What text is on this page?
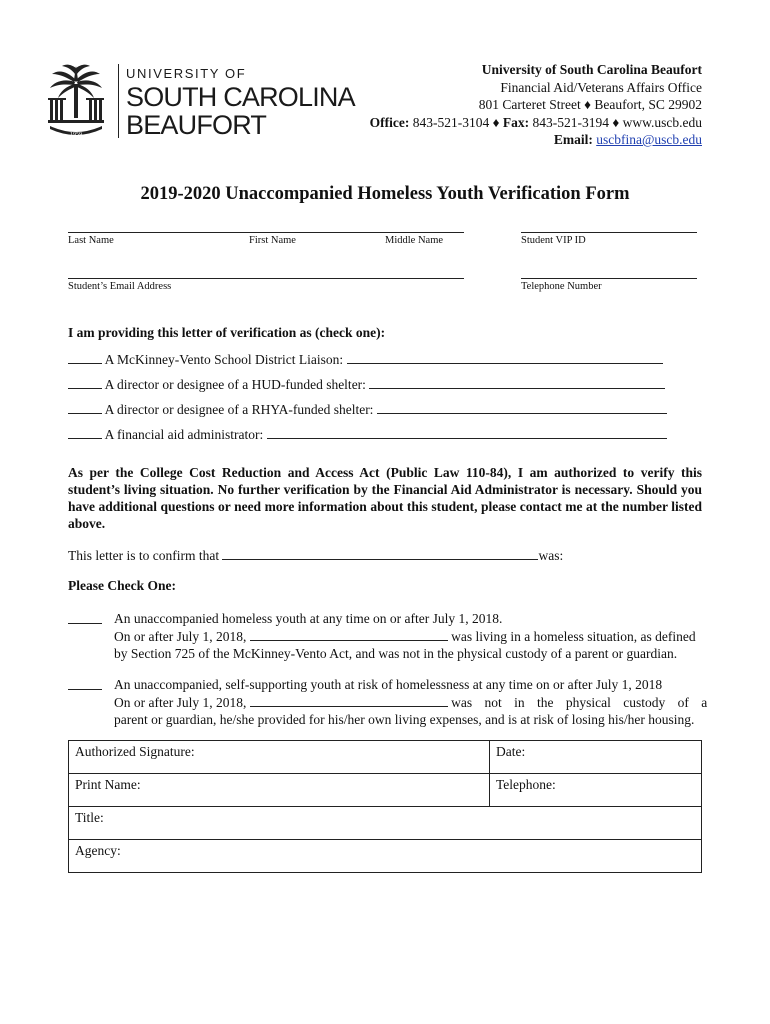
1959
UNIVERSITY OF
SOUTH CAROLINA
BEAUFORT
University of South Carolina Beaufort
Financial Aid/Veterans Affairs Office
801 Carteret Street ♦ Beaufort, SC 29902
Office: 843-521-3104 ♦ Fax: 843-521-3194 ♦ www.uscb.edu
Email: uscbfina@uscb.edu
2019-2020 Unaccompanied Homeless Youth Verification Form
Last Name	First Name	Middle Name	Student VIP ID
Student’s Email Address	Telephone Number
I am providing this letter of verification as (check one):
A McKinney-Vento School District Liaison:
A director or designee of a HUD-funded shelter:
A director or designee of a RHYA-funded shelter:
A financial aid administrator:
As per the College Cost Reduction and Access Act (Public Law 110-84), I am authorized to verify this student’s living situation. No further verification by the Financial Aid Administrator is necessary. Should you have additional questions or need more information about this student, please contact me at the number listed above.
This letter is to confirm that	was:
Please Check One:
An unaccompanied homeless youth at any time on or after July 1, 2018.
On or after July 1, 2018,	was living in a homeless situation, as defined
by Section 725 of the McKinney-Vento Act, and was not in the physical custody of a parent or guardian.
An unaccompanied, self-supporting youth at risk of homelessness at any time on or after July 1, 2018
On or after July 1, 2018,	was not in the physical custody of a
parent or guardian, he/she provided for his/her own living expenses, and is at risk of losing his/her housing.
Authorized Signature:	Date:
Print Name:	Telephone:
Title:	
Agency:	
